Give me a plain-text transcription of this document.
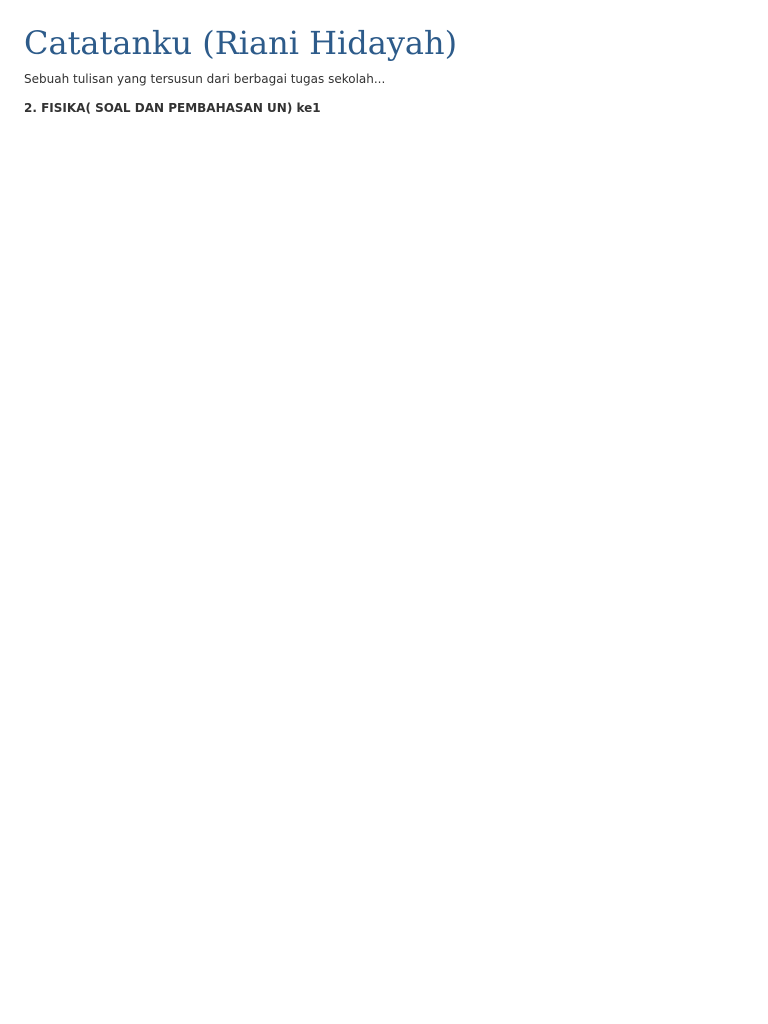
Catatanku (Riani Hidayah)
Sebuah tulisan yang tersusun dari berbagai tugas sekolah...
2. FISIKA( SOAL DAN PEMBAHASAN UN) ke1
